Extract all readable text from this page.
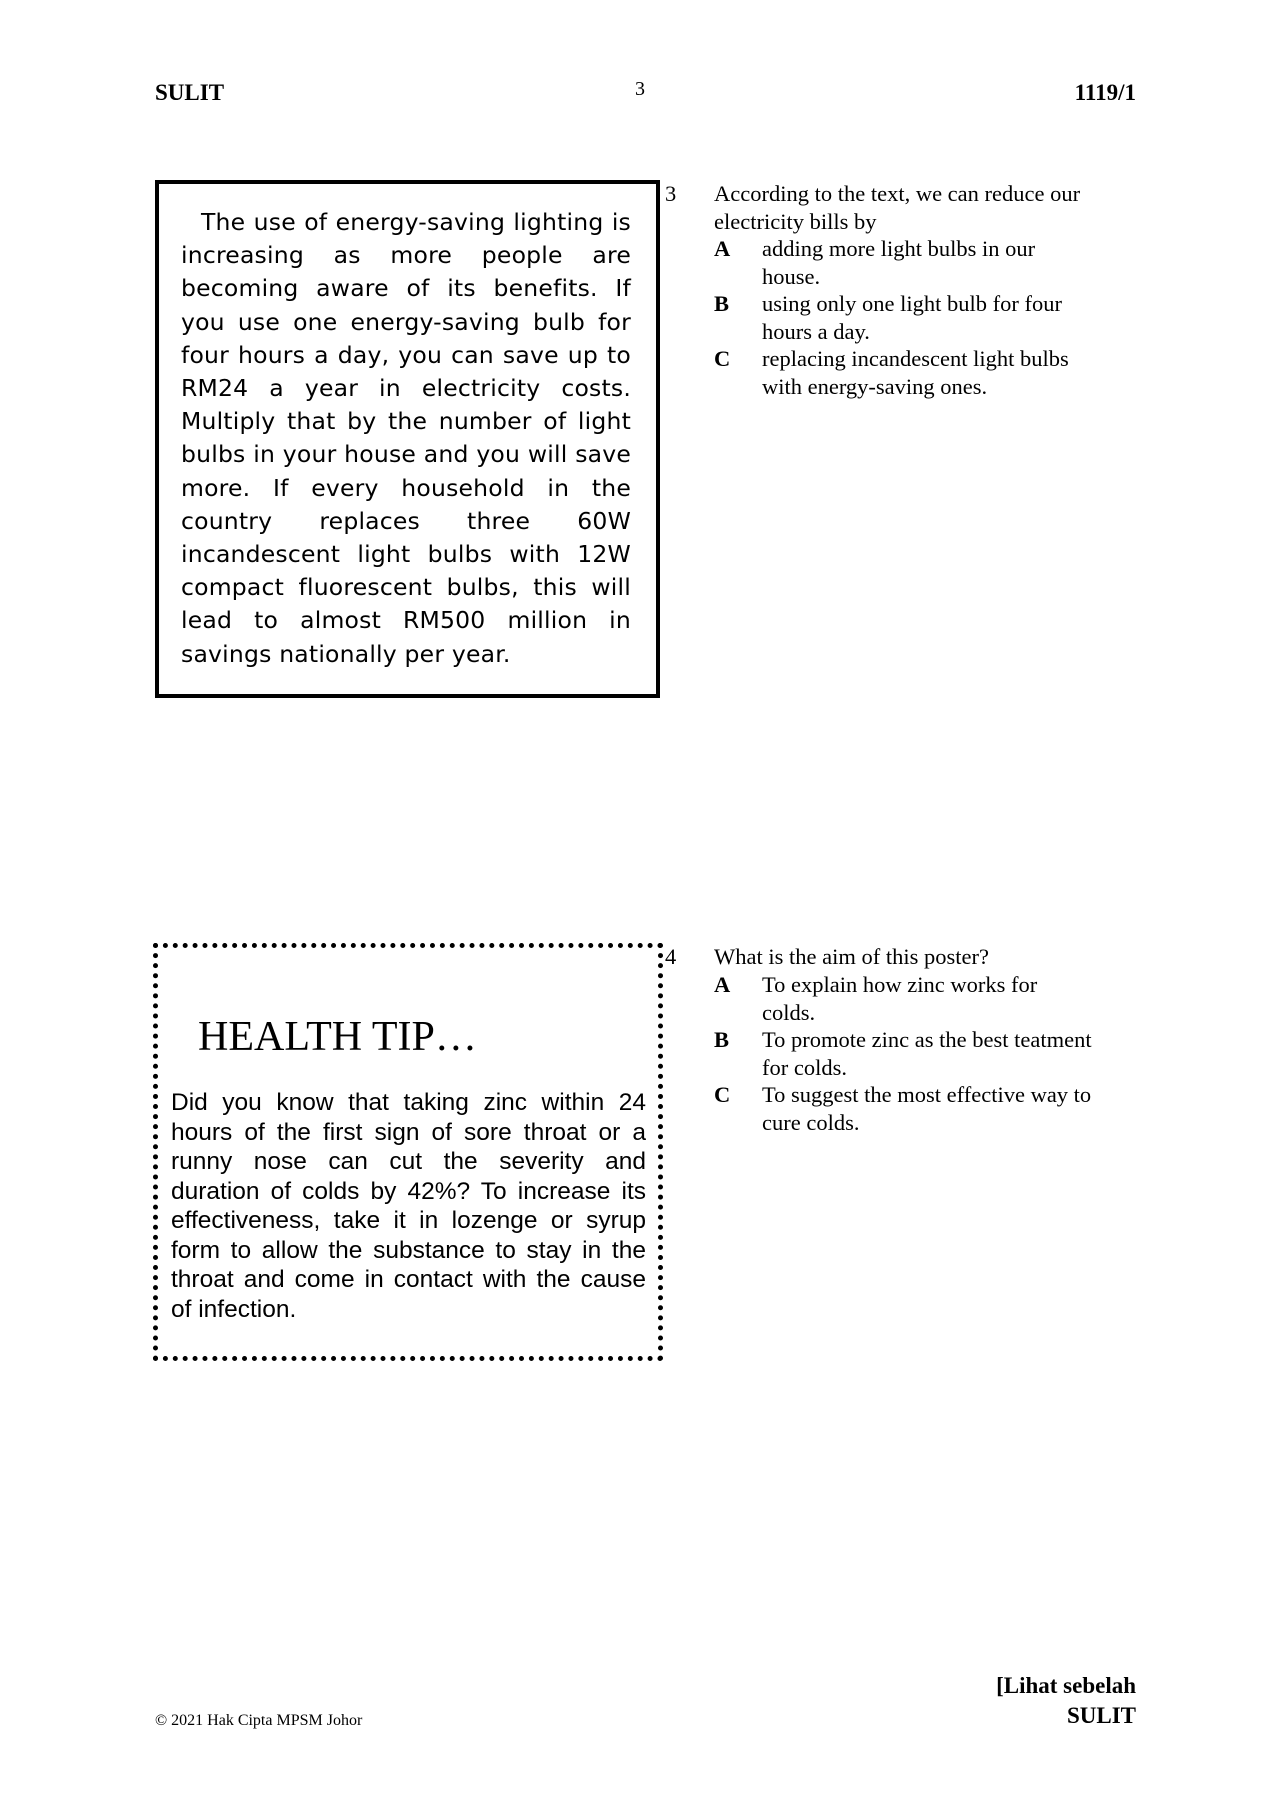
SULIT	3	1119/1

The use of energy-saving lighting is increasing as more people are becoming aware of its benefits. If you use one energy-saving bulb for four hours a day, you can save up to RM24 a year in electricity costs. Multiply that by the number of light bulbs in your house and you will save more. If every household in the country replaces three 60W incandescent light bulbs with 12W compact fluorescent bulbs, this will lead to almost RM500 million in savings nationally per year.

3 According to the text, we can reduce our electricity bills by
A adding more light bulbs in our house.
B using only one light bulb for four hours a day.
C replacing incandescent light bulbs with energy-saving ones.
HEALTH TIP…

Did you know that taking zinc within 24 hours of the first sign of sore throat or a runny nose can cut the severity and duration of colds by 42%? To increase its effectiveness, take it in lozenge or syrup form to allow the substance to stay in the throat and come in contact with the cause of infection.

4 What is the aim of this poster?
A To explain how zinc works for colds.
B To promote zinc as the best teatment for colds.
C To suggest the most effective way to cure colds.
© 2021 Hak Cipta MPSM Johor
[Lihat sebelah
SULIT
